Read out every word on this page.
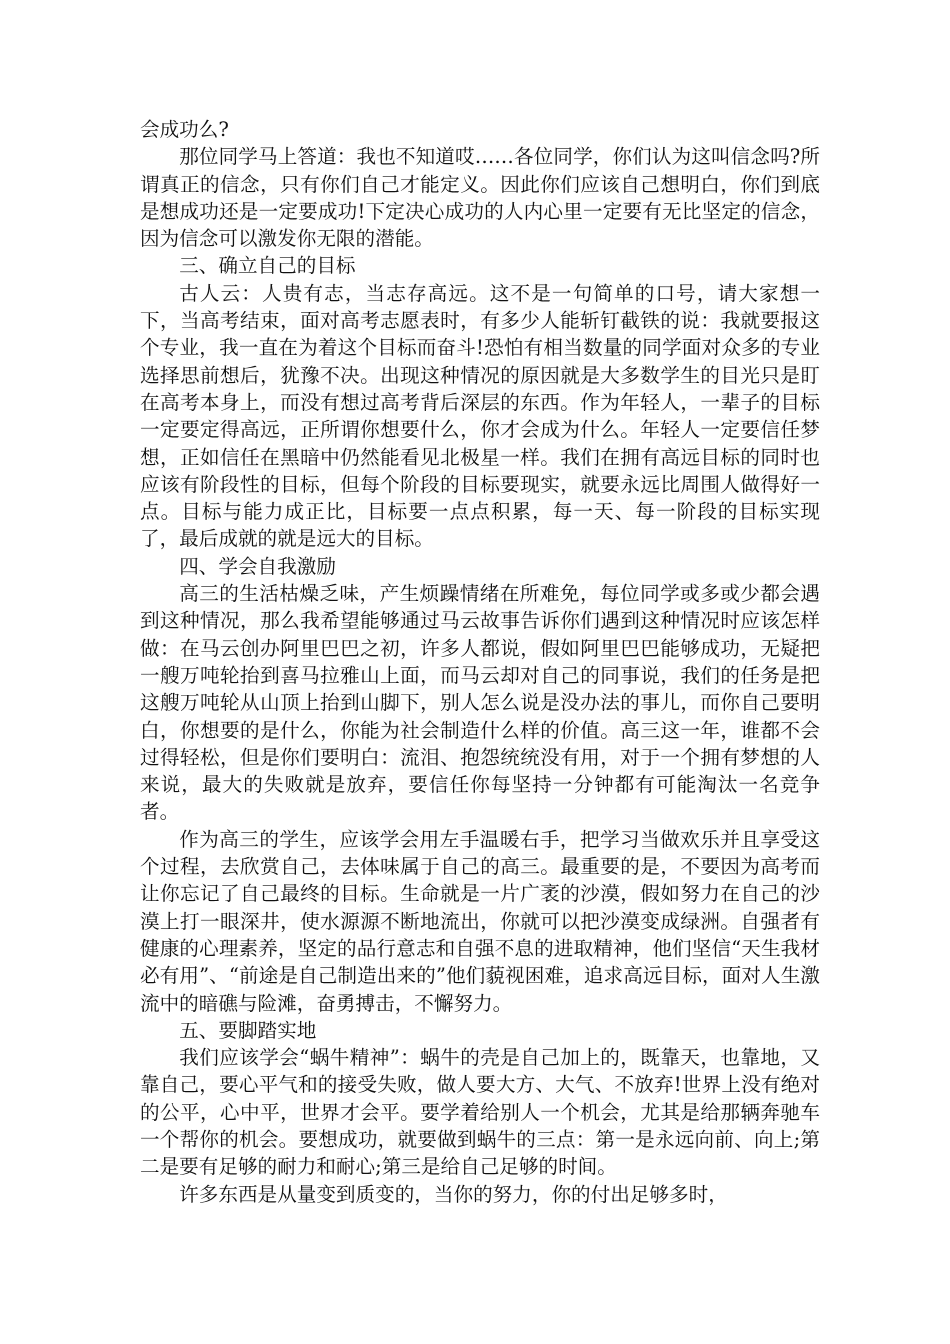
会成功么?

那位同学马上答道：我也不知道哎……各位同学，你们认为这叫信念吗?所谓真正的信念，只有你们自己才能定义。因此你们应该自己想明白，你们到底是想成功还是一定要成功!下定决心成功的人内心里一定要有无比坚定的信念，因为信念可以激发你无限的潜能。

三、确立自己的目标

古人云：人贵有志，当志存高远。这不是一句简单的口号，请大家想一下，当高考结束，面对高考志愿表时，有多少人能斩钉截铁的说：我就要报这个专业，我一直在为着这个目标而奋斗!恐怕有相当数量的同学面对众多的专业选择思前想后，犹豫不决。出现这种情况的原因就是大多数学生的目光只是盯在高考本身上，而没有想过高考背后深层的东西。作为年轻人，一辈子的目标一定要定得高远，正所谓你想要什么，你才会成为什么。年轻人一定要信任梦想，正如信任在黑暗中仍然能看见北极星一样。我们在拥有高远目标的同时也应该有阶段性的目标，但每个阶段的目标要现实，就要永远比周围人做得好一点。目标与能力成正比，目标要一点点积累，每一天、每一阶段的目标实现了，最后成就的就是远大的目标。

四、学会自我激励

高三的生活枯燥乏味，产生烦躁情绪在所难免，每位同学或多或少都会遇到这种情况，那么我希望能够通过马云故事告诉你们遇到这种情况时应该怎样做：在马云创办阿里巴巴之初，许多人都说，假如阿里巴巴能够成功，无疑把一艘万吨轮抬到喜马拉雅山上面，而马云却对自己的同事说，我们的任务是把这艘万吨轮从山顶上抬到山脚下，别人怎么说是没办法的事儿，而你自己要明白，你想要的是什么，你能为社会制造什么样的价值。高三这一年，谁都不会过得轻松，但是你们要明白：流泪、抱怨统统没有用，对于一个拥有梦想的人来说，最大的失败就是放弃，要信任你每坚持一分钟都有可能淘汰一名竞争者。

作为高三的学生，应该学会用左手温暖右手，把学习当做欢乐并且享受这个过程，去欣赏自己，去体味属于自己的高三。最重要的是，不要因为高考而让你忘记了自己最终的目标。生命就是一片广袤的沙漠，假如努力在自己的沙漠上打一眼深井，使水源源不断地流出，你就可以把沙漠变成绿洲。自强者有健康的心理素养，坚定的品行意志和自强不息的进取精神，他们坚信“天生我材必有用”、“前途是自己制造出来的”他们藐视困难，追求高远目标，面对人生激流中的暗礁与险滩，奋勇搏击，不懈努力。

五、要脚踏实地

我们应该学会“蜗牛精神”：蜗牛的壳是自己加上的，既靠天，也靠地，又靠自己，要心平气和的接受失败，做人要大方、大气、不放弃!世界上没有绝对的公平，心中平，世界才会平。要学着给别人一个机会，尤其是给那辆奔驰车一个帮你的机会。要想成功，就要做到蜗牛的三点：第一是永远向前、向上;第二是要有足够的耐力和耐心;第三是给自己足够的时间。

许多东西是从量变到质变的，当你的努力，你的付出足够多时，
